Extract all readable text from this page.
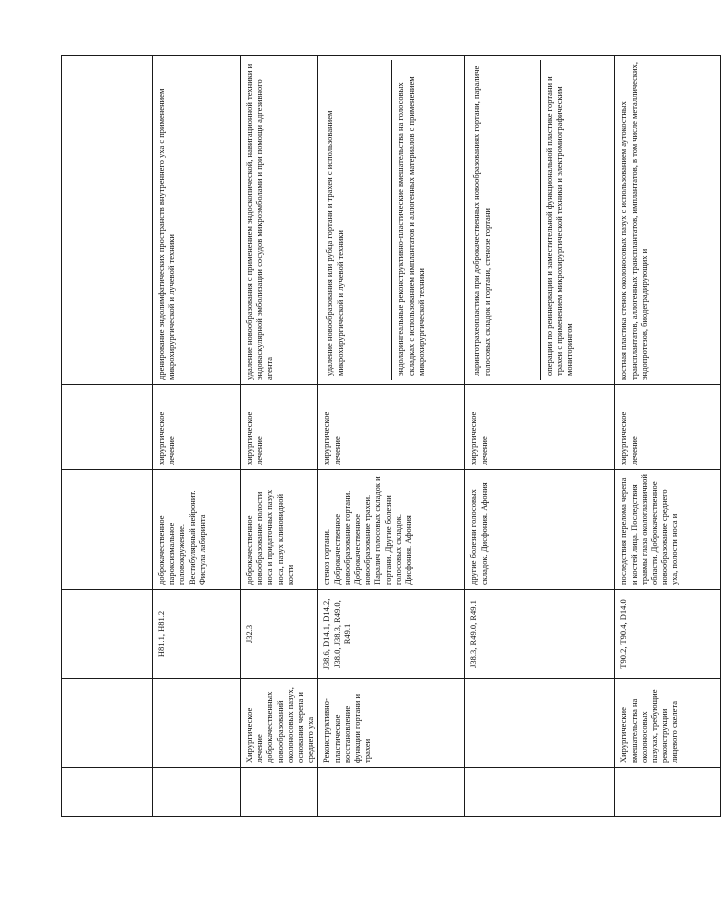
		H81.1, H81.2	доброкачественное пароксизмальное головокружение. Вестибулярный нейронит. Фистула лабиринта	хирургическое лечение	дренирование эндолимфатических пространств внутреннего уха с применением микрохирургической и лучевой техники
	Хирургическое лечение доброкачественных новообразований околоносовых пазух, основания черепа и среднего уха	J32.3	доброкачественное новообразование полости носа и придаточных пазух носа, пазух клиновидной кости	хирургическое лечение	удаление новообразования с применением эндоскопической, навигационной техники и эндоваскулярной эмболизации сосудов микроэмболами и при помощи адгезивного агента
	Реконструктивно-пластическое восстановление функции гортани и трахеи	J38.6, D14.1, D14.2, J38.0, J38.3, R49.0, R49.1	стеноз гортани. Доброкачественное новообразование гортани. Доброкачественное новообразование трахеи. Паралич голосовых складок и гортани. Другие болезни голосовых складок. Дисфония. Афония	хирургическое лечение	удаление новообразования или рубца гортани и трахеи с использованием микрохирургической и лучевой техники эндоларингеальные реконструктивно-пластические вмешательства на голосовых складках с использованием имплантатов и аллогенных материалов с применением микрохирургической техники

		J38.3, R49.0, R49.1	другие болезни голосовых складок. Дисфония. Афония	хирургическое лечение	ларинготрахеопластика при доброкачественных новообразованиях гортани, параличе голосовых складок и гортани, стенозе гортани операции по реиннервации и заместительной функциональной пластике гортани и трахеи с применением микрохирургической техники и электромиографическим мониторингом

	Хирургические вмешательства на околоносовых пазухах, требующие реконструкции лицевого скелета	T90.2, T90.4, D14.0	последствия перелома черепа и костей лица. Последствия травмы глаза окологлазничной области. Доброкачественное новообразование среднего уха, полости носа и	хирургическое лечение	костная пластика стенок околоносовых пазух с использованием аутокостных трансплантатов, аллогенных трансплантатов, имплантатов, в том числе металлических, эндопротезов, биодеградирующих и
